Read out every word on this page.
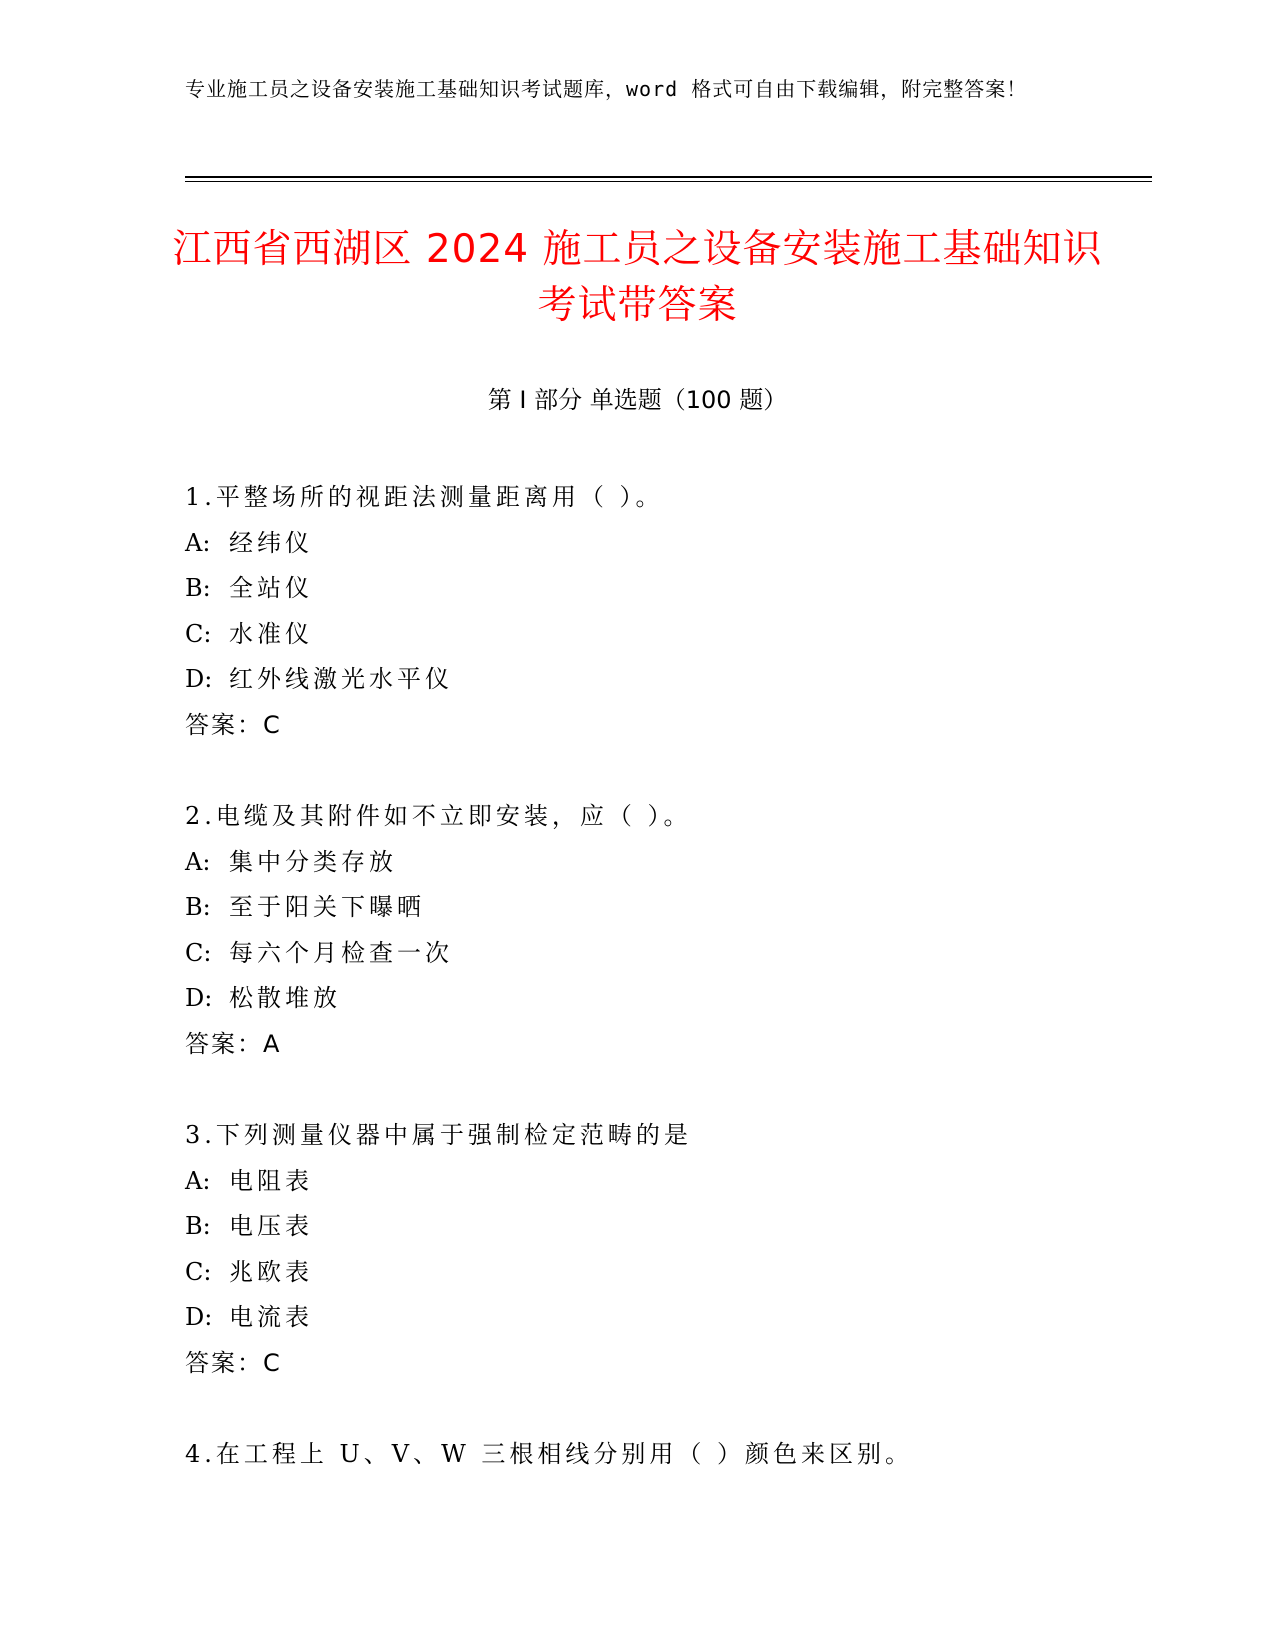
专业施工员之设备安装施工基础知识考试题库，word 格式可自由下载编辑，附完整答案！
江西省西湖区 2024 施工员之设备安装施工基础知识考试带答案
第 I 部分 单选题（100 题）
1.平整场所的视距法测量距离用（ ）。
A: 经纬仪
B: 全站仪
C: 水准仪
D: 红外线激光水平仪
答案：C
2.电缆及其附件如不立即安装，应（ ）。
A: 集中分类存放
B: 至于阳关下曝晒
C: 每六个月检查一次
D: 松散堆放
答案：A
3.下列测量仪器中属于强制检定范畴的是
A: 电阻表
B: 电压表
C: 兆欧表
D: 电流表
答案：C
4.在工程上 U、V、W 三根相线分别用（ ）颜色来区别。
